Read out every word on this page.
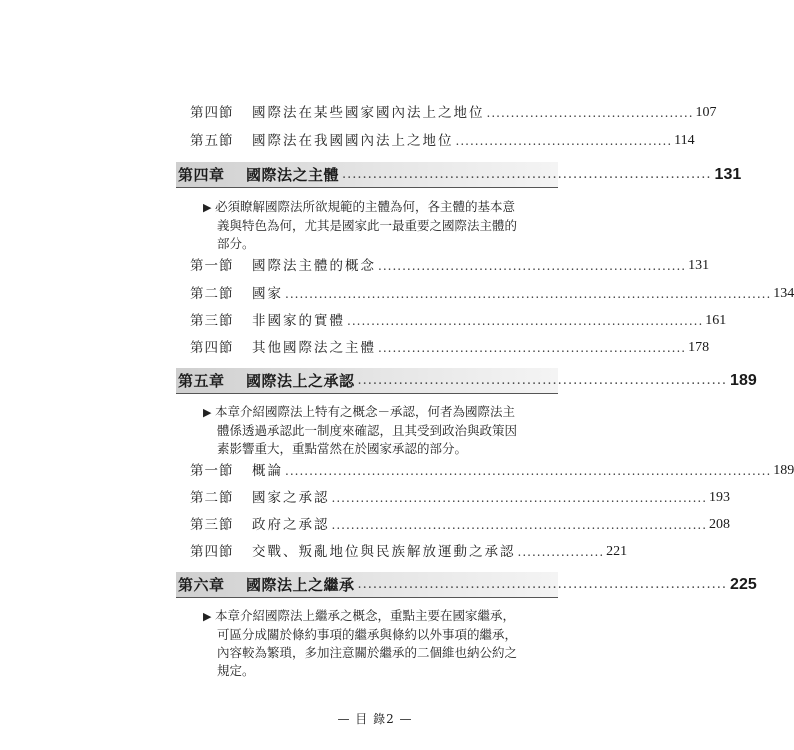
第四節	國際法在某些國家國內法上之地位 ........................................... 107
第五節	國際法在我國國內法上之地位 ............................................. 114
第四章	國際法之主體 ........................................................................ 131
▶ 必須瞭解國際法所欲規範的主體為何，各主體的基本意
義與特色為何，尤其是國家此一最重要之國際法主體的
部分。
第一節	國際法主體的概念 ................................................................ 131
第二節	國家 ..................................................................................................... 134
第三節	非國家的實體 .......................................................................... 161
第四節	其他國際法之主體 ................................................................ 178
第五章	國際法上之承認 ........................................................................ 189
▶ 本章介紹國際法上特有之概念－承認，何者為國際法主
體係透過承認此一制度來確認，且其受到政治與政策因
素影響重大，重點當然在於國家承認的部分。
第一節	概論 ..................................................................................................... 189
第二節	國家之承認 .............................................................................. 193
第三節	政府之承認 .............................................................................. 208
第四節	交戰、叛亂地位與民族解放運動之承認 .................. 221
第六章	國際法上之繼承 ........................................................................ 225
▶ 本章介紹國際法上繼承之概念，重點主要在國家繼承，
可區分成關於條約事項的繼承與條約以外事項的繼承，
內容較為繁瑣，多加注意關於繼承的二個維也納公約之
規定。
— 目 錄2 —
